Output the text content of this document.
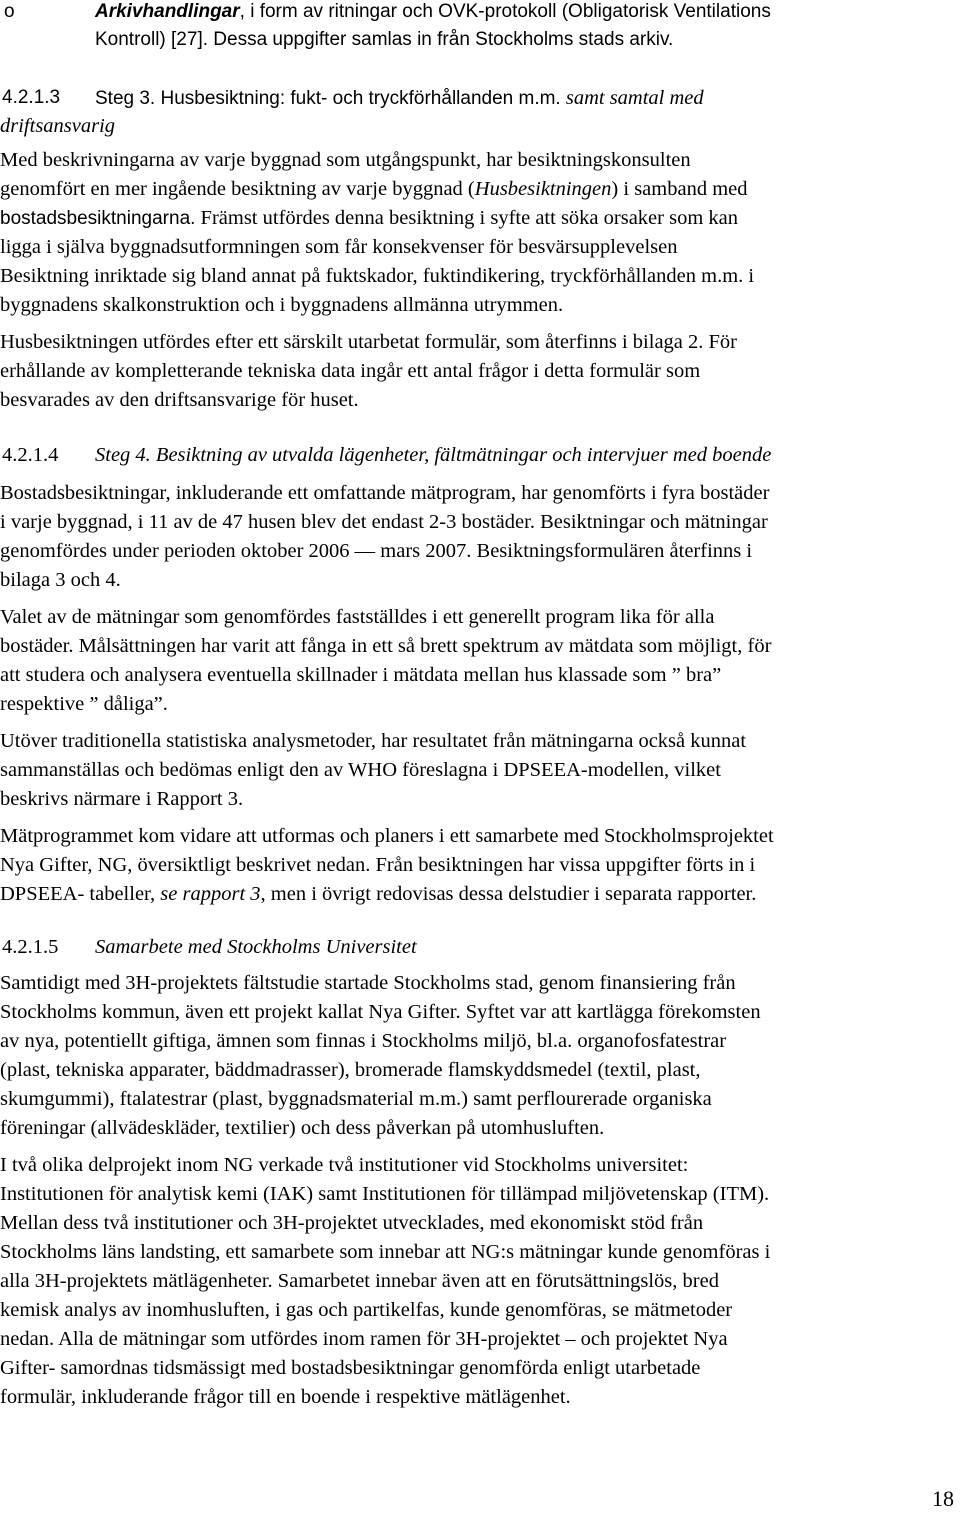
o	Arkivhandlingar, i form av ritningar och OVK-protokoll (Obligatorisk Ventilations
Kontroll) [27]. Dessa uppgifter samlas in från Stockholms stads arkiv.
4.2.1.3 Steg 3. Husbesiktning: fukt- och tryckförhållanden m.m. samt samtal med
driftsansvarig
Med beskrivningarna av varje byggnad som utgångspunkt, har besiktningskonsulten
genomfört en mer ingående besiktning av varje byggnad (Husbesiktningen) i samband med
bostadsbesiktningarna. Främst utfördes denna besiktning i syfte att söka orsaker som kan
ligga i själva byggnadsutformningen som får konsekvenser för besvärsupplevelsen
Besiktning inriktade sig bland annat på fuktskador, fuktindikering, tryckförhållanden m.m. i
byggnadens skalkonstruktion och i byggnadens allmänna utrymmen.
Husbesiktningen utfördes efter ett särskilt utarbetat formulär, som återfinns i bilaga 2. För
erhållande av kompletterande tekniska data ingår ett antal frågor i detta formulär som
besvarades av den driftsansvarige för huset.
4.2.1.4 Steg 4. Besiktning av utvalda lägenheter, fältmätningar och intervjuer med boende
Bostadsbesiktningar, inkluderande ett omfattande mätprogram, har genomförts i fyra bostäder
i varje byggnad, i 11 av de 47 husen blev det endast 2-3 bostäder. Besiktningar och mätningar
genomfördes under perioden oktober 2006 — mars 2007. Besiktningsformulären återfinns i
bilaga 3 och 4.
Valet av de mätningar som genomfördes fastställdes i ett generellt program lika för alla
bostäder. Målsättningen har varit att fånga in ett så brett spektrum av mätdata som möjligt, för
att studera och analysera eventuella skillnader i mätdata mellan hus klassade som ” bra”
respektive ” dåliga”.
Utöver traditionella statistiska analysmetoder, har resultatet från mätningarna också kunnat
sammanställas och bedömas enligt den av WHO föreslagna i DPSEEA-modellen, vilket
beskrivs närmare i Rapport 3.
Mätprogrammet kom vidare att utformas och planers i ett samarbete med Stockholmsprojektet
Nya Gifter, NG, översiktligt beskrivet nedan. Från besiktningen har vissa uppgifter förts in i
DPSEEA- tabeller, se rapport 3, men i övrigt redovisas dessa delstudier i separata rapporter.
4.2.1.5 Samarbete med Stockholms Universitet
Samtidigt med 3H-projektets fältstudie startade Stockholms stad, genom finansiering från
Stockholms kommun, även ett projekt kallat Nya Gifter. Syftet var att kartlägga förekomsten
av nya, potentiellt giftiga, ämnen som finnas i Stockholms miljö, bl.a. organofosfatestrar
(plast, tekniska apparater, bäddmadrasser), bromerade flamskyddsmedel (textil, plast,
skumgummi), ftalatestrar (plast, byggnadsmaterial m.m.) samt perflourerade organiska
föreningar (allvädeskläder, textilier) och dess påverkan på utomhusluften.
I två olika delprojekt inom NG verkade två institutioner vid Stockholms universitet:
Institutionen för analytisk kemi (IAK) samt Institutionen för tillämpad miljövetenskap (ITM).
Mellan dess två institutioner och 3H-projektet utvecklades, med ekonomiskt stöd från
Stockholms läns landsting, ett samarbete som innebar att NG:s mätningar kunde genomföras i
alla 3H-projektets mätlägenheter. Samarbetet innebar även att en förutsättningslös, bred
kemisk analys av inomhusluften, i gas och partikelfas, kunde genomföras, se mätmetoder
nedan. Alla de mätningar som utfördes inom ramen för 3H-projektet – och projektet Nya
Gifter- samordnas tidsmässigt med bostadsbesiktningar genomförda enligt utarbetade
formulär, inkluderande frågor till en boende i respektive mätlägenhet.
18
